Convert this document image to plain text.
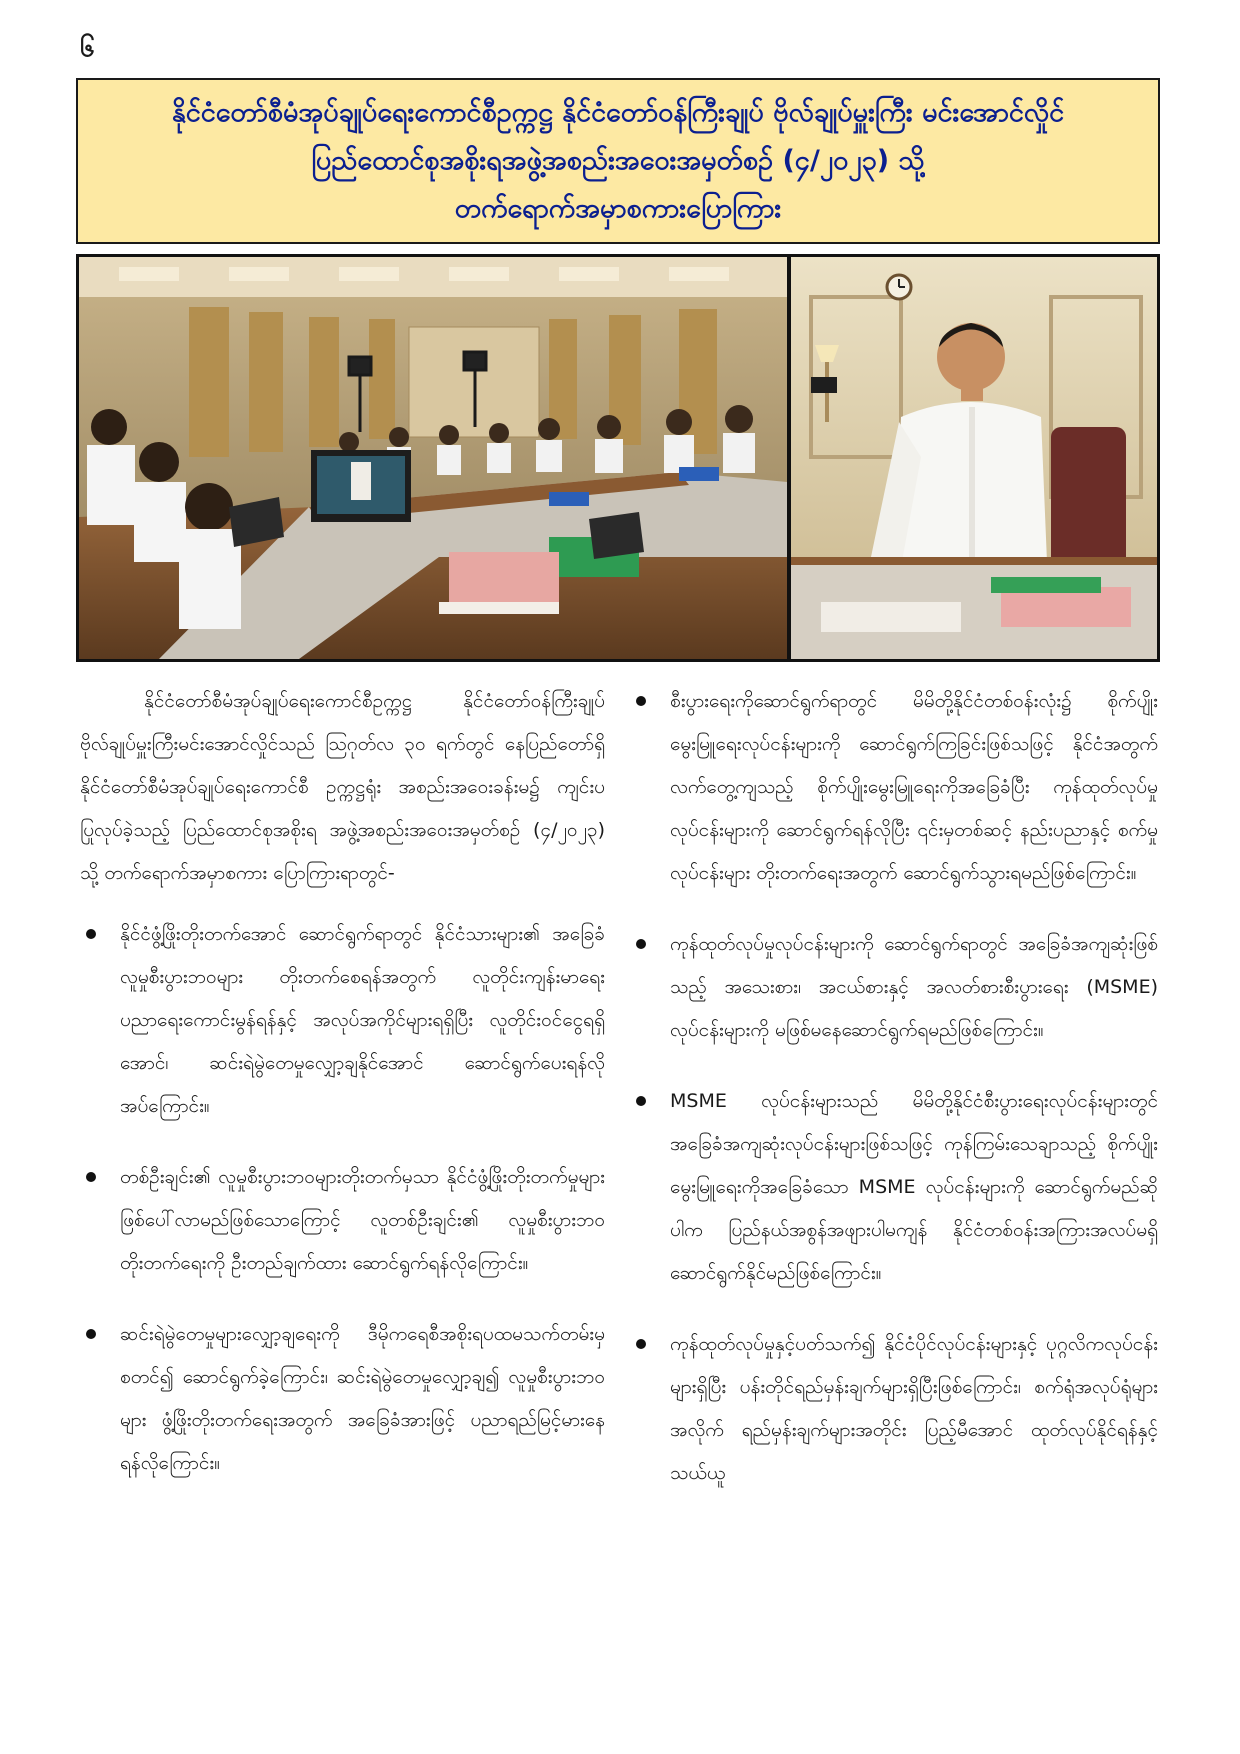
၆
နိုင်ငံတော်စီမံအုပ်ချုပ်ရေးကောင်စီဥက္ကဋ္ဌ နိုင်ငံတော်ဝန်ကြီးချုပ် ဗိုလ်ချုပ်မှူးကြီး မင်းအောင်လှိုင်
ပြည်ထောင်စုအစိုးရအဖွဲ့အစည်းအဝေးအမှတ်စဉ် (၄/၂၀၂၃) သို့
တက်ရောက်အမှာစကားပြောကြား

နိုင်ငံတော်စီမံအုပ်ချုပ်ရေးကောင်စီဥက္ကဋ္ဌ နိုင်ငံတော်ဝန်ကြီးချုပ် ဗိုလ်ချုပ်မှူးကြီးမင်းအောင်လှိုင်သည် ဩဂုတ်လ ၃၀ ရက်တွင် နေပြည်တော်ရှိ နိုင်ငံတော်စီမံအုပ်ချုပ်ရေးကောင်စီ ဥက္ကဋ္ဌရုံး အစည်းအဝေးခန်းမ၌ ကျင်းပပြုလုပ်ခဲ့သည့် ပြည်ထောင်စုအစိုးရ အဖွဲ့အစည်းအဝေးအမှတ်စဉ် (၄/၂၀၂၃) သို့ တက်ရောက်အမှာစကား ပြောကြားရာတွင်-

နိုင်ငံဖွံ့ဖြိုးတိုးတက်အောင် ဆောင်ရွက်ရာတွင် နိုင်ငံသားများ၏ အခြေခံလူမှုစီးပွားဘဝများ တိုးတက်စေရန်အတွက် လူတိုင်းကျန်းမာရေး ပညာရေးကောင်းမွန်ရန်နှင့် အလုပ်အကိုင်များရရှိပြီး လူတိုင်းဝင်ငွေရရှိအောင်၊ ဆင်းရဲမွဲတေမှုလျှော့ချနိုင်အောင် ဆောင်ရွက်ပေးရန်လိုအပ်ကြောင်း။
တစ်ဦးချင်း၏ လူမှုစီးပွားဘဝများတိုးတက်မှသာ နိုင်ငံဖွံ့ဖြိုးတိုးတက်မှုများ ဖြစ်ပေါ်လာမည်ဖြစ်သောကြောင့် လူတစ်ဦးချင်း၏ လူမှုစီးပွားဘဝတိုးတက်ရေးကို ဦးတည်ချက်ထား ဆောင်ရွက်ရန်လိုကြောင်း။
ဆင်းရဲမွဲတေမှုများလျှော့ချရေးကို ဒီမိုကရေစီအစိုးရပထမသက်တမ်းမှစတင်၍ ဆောင်ရွက်ခဲ့ကြောင်း၊ ဆင်းရဲမွဲတေမှုလျှော့ချ၍ လူမှုစီးပွားဘဝများ ဖွံ့ဖြိုးတိုးတက်ရေးအတွက် အခြေခံအားဖြင့် ပညာရည်မြင့်မားနေရန်လိုကြောင်း။
စီးပွားရေးကိုဆောင်ရွက်ရာတွင် မိမိတို့နိုင်ငံတစ်ဝန်းလုံး၌ စိုက်ပျိုးမွေးမြူရေးလုပ်ငန်းများကို ဆောင်ရွက်ကြခြင်းဖြစ်သဖြင့် နိုင်ငံအတွက် လက်တွေ့ကျသည့် စိုက်ပျိုးမွေးမြူရေးကိုအခြေခံပြီး ကုန်ထုတ်လုပ်မှုလုပ်ငန်းများကို ဆောင်ရွက်ရန်လိုပြီး ၎င်းမှတစ်ဆင့် နည်းပညာနှင့် စက်မှုလုပ်ငန်းများ တိုးတက်ရေးအတွက် ဆောင်ရွက်သွားရမည်ဖြစ်ကြောင်း။
ကုန်ထုတ်လုပ်မှုလုပ်ငန်းများကို ဆောင်ရွက်ရာတွင် အခြေခံအကျဆုံးဖြစ်သည့် အသေးစား၊ အငယ်စားနှင့် အလတ်စားစီးပွားရေး (MSME) လုပ်ငန်းများကို မဖြစ်မနေဆောင်ရွက်ရမည်ဖြစ်ကြောင်း။
MSME လုပ်ငန်းများသည် မိမိတို့နိုင်ငံစီးပွားရေးလုပ်ငန်းများတွင် အခြေခံအကျဆုံးလုပ်ငန်းများဖြစ်သဖြင့် ကုန်ကြမ်းသေချာသည့် စိုက်ပျိုးမွေးမြူရေးကိုအခြေခံသော MSME လုပ်ငန်းများကို ဆောင်ရွက်မည်ဆိုပါက ပြည်နယ်အစွန်အဖျားပါမကျန် နိုင်ငံတစ်ဝန်းအကြားအလပ်မရှိ ဆောင်ရွက်နိုင်မည်ဖြစ်ကြောင်း။
ကုန်ထုတ်လုပ်မှုနှင့်ပတ်သက်၍ နိုင်ငံပိုင်လုပ်ငန်းများနှင့် ပုဂ္ဂလိကလုပ်ငန်းများရှိပြီး ပန်းတိုင်ရည်မှန်းချက်များရှိပြီးဖြစ်ကြောင်း၊ စက်ရုံအလုပ်ရုံများအလိုက် ရည်မှန်းချက်များအတိုင်း ပြည့်မီအောင် ထုတ်လုပ်နိုင်ရန်နှင့် သယ်ယူ
